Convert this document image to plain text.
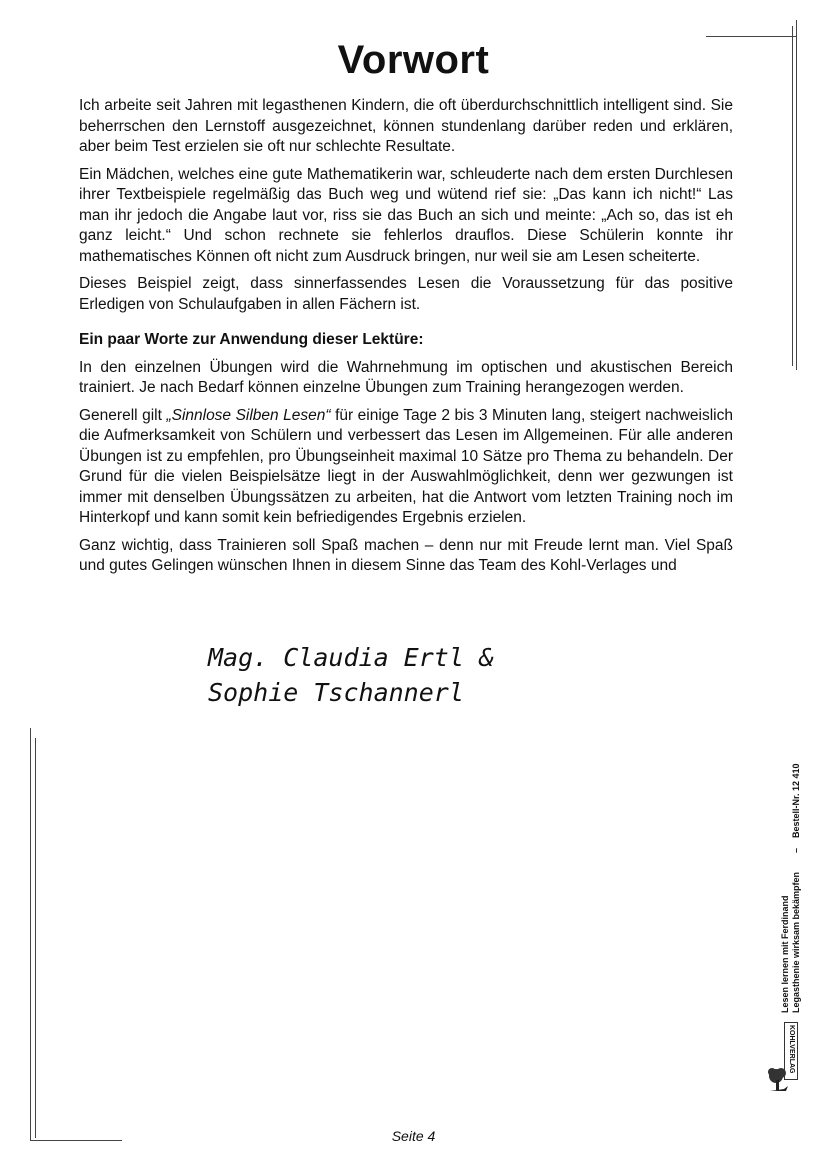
Vorwort

Ich arbeite seit Jahren mit legasthenen Kindern, die oft überdurchschnittlich intelligent sind. Sie beherrschen den Lernstoff ausgezeichnet, können stundenlang darüber reden und erklären, aber beim Test erzielen sie oft nur schlechte Resultate.

Ein Mädchen, welches eine gute Mathematikerin war, schleuderte nach dem ersten Durchlesen ihrer Textbeispiele regelmäßig das Buch weg und wütend rief sie: „Das kann ich nicht!“ Las man ihr jedoch die Angabe laut vor, riss sie das Buch an sich und meinte: „Ach so, das ist eh ganz leicht.“ Und schon rechnete sie fehlerlos drauflos. Diese Schülerin konnte ihr mathematisches Können oft nicht zum Ausdruck bringen, nur weil sie am Lesen scheiterte.

Dieses Beispiel zeigt, dass sinnerfassendes Lesen die Voraussetzung für das positive Erledigen von Schulaufgaben in allen Fächern ist.

Ein paar Worte zur Anwendung dieser Lektüre:

In den einzelnen Übungen wird die Wahrnehmung im optischen und akustischen Bereich trainiert. Je nach Bedarf können einzelne Übungen zum Training herangezogen werden.

Generell gilt „Sinnlose Silben Lesen“ für einige Tage 2 bis 3 Minuten lang, steigert nachweislich die Aufmerksamkeit von Schülern und verbessert das Lesen im Allgemeinen. Für alle anderen Übungen ist zu empfehlen, pro Übungseinheit maximal 10 Sätze pro Thema zu behandeln. Der Grund für die vielen Beispielsätze liegt in der Auswahlmöglichkeit, denn wer gezwungen ist immer mit denselben Übungssätzen zu arbeiten, hat die Antwort vom letzten Training noch im Hinterkopf und kann somit kein befriedigendes Ergebnis erzielen.

Ganz wichtig, dass Trainieren soll Spaß machen – denn nur mit Freude lernt man. Viel Spaß und gutes Gelingen wünschen Ihnen in diesem Sinne das Team des Kohl-Verlages und

Mag. Claudia Ertl &
Sophie Tschannerl
Lesen lernen mit Ferdinand Legasthenie wirksam bekämpfen
–
Bestell-Nr. 12 410
KOHLVERLAG
Seite 4
